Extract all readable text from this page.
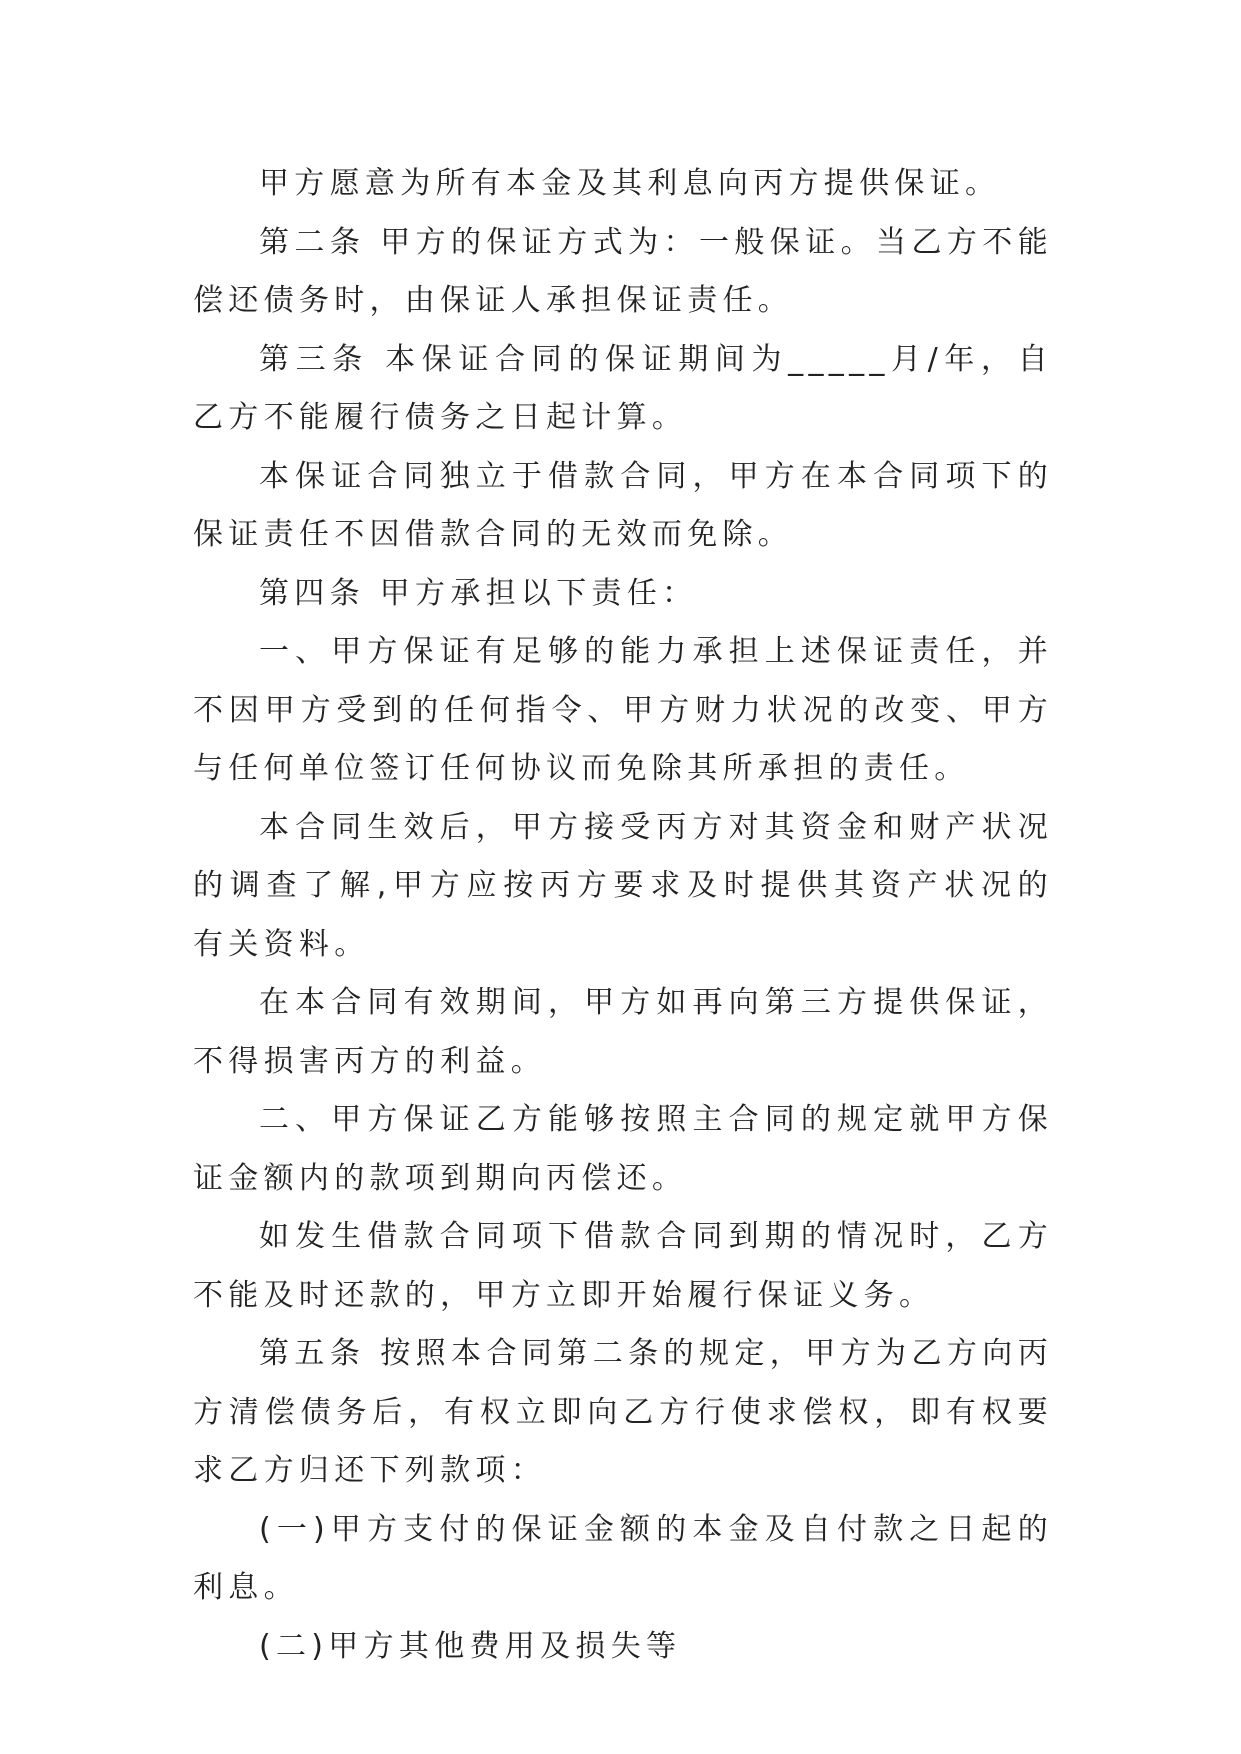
甲方愿意为所有本金及其利息向丙方提供保证。

第二条 甲方的保证方式为：一般保证。当乙方不能偿还债务时，由保证人承担保证责任。

第三条 本保证合同的保证期间为_____月/年，自乙方不能履行债务之日起计算。

本保证合同独立于借款合同，甲方在本合同项下的保证责任不因借款合同的无效而免除。

第四条 甲方承担以下责任：

一、甲方保证有足够的能力承担上述保证责任，并不因甲方受到的任何指令、甲方财力状况的改变、甲方与任何单位签订任何协议而免除其所承担的责任。

本合同生效后，甲方接受丙方对其资金和财产状况的调查了解,甲方应按丙方要求及时提供其资产状况的有关资料。

在本合同有效期间，甲方如再向第三方提供保证，不得损害丙方的利益。

二、甲方保证乙方能够按照主合同的规定就甲方保证金额内的款项到期向丙偿还。

如发生借款合同项下借款合同到期的情况时，乙方不能及时还款的，甲方立即开始履行保证义务。

第五条 按照本合同第二条的规定，甲方为乙方向丙方清偿债务后，有权立即向乙方行使求偿权，即有权要求乙方归还下列款项：

(一)甲方支付的保证金额的本金及自付款之日起的利息。

(二)甲方其他费用及损失等
